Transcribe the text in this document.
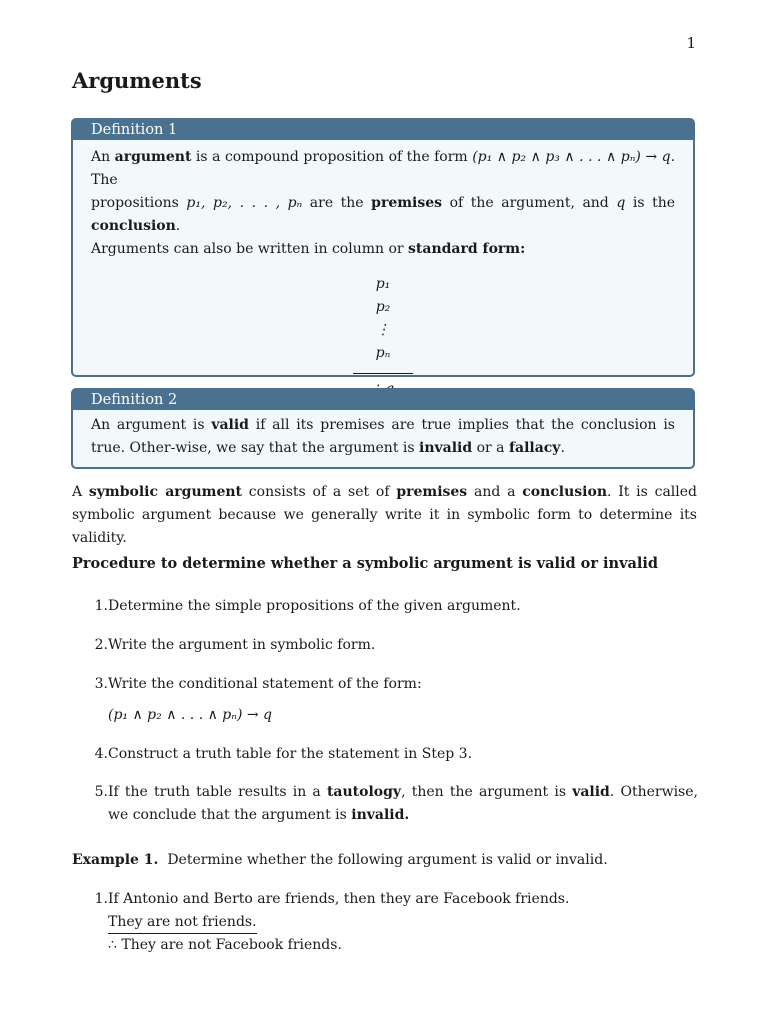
1
Arguments
Definition 1
An argument is a compound proposition of the form (p₁ ∧ p₂ ∧ p₃ ∧ . . . ∧ pₙ) → q. The
propositions p₁, p₂, . . . , pₙ are the premises of the argument, and q is the conclusion.
Arguments can also be written in column or standard form:
p₁
p₂
⋮
pₙ
Definition 2
An argument is valid if all its premises are true implies that the conclusion is true. Other-wise, we say that the argument is invalid or a fallacy.

A symbolic argument consists of a set of premises and a conclusion. It is called symbolic argument because we generally write it in symbolic form to determine its validity.

Procedure to determine whether a symbolic argument is valid or invalid
1. Determine the simple propositions of the given argument.
2. Write the argument in symbolic form.
3. Write the conditional statement of the form:
(p₁ ∧ p₂ ∧ . . . ∧ pₙ) → q
4. Construct a truth table for the statement in Step 3.
5. If the truth table results in a tautology, then the argument is valid. Otherwise, we conclude that the argument is invalid.
Example 1. Determine whether the following argument is valid or invalid.
1. If Antonio and Berto are friends, then they are Facebook friends.
They are not friends.
∴ They are not Facebook friends.
